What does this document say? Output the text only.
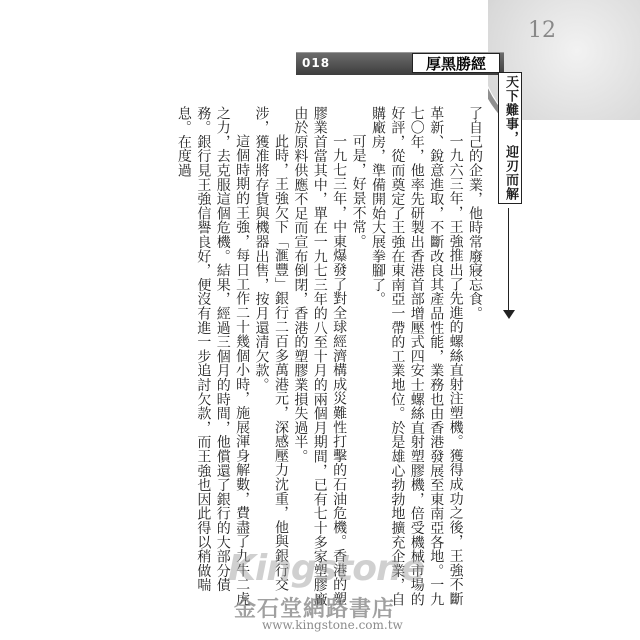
12
018	厚黑勝經
天下難事，迎刃而解

了自己的企業，他時常廢寢忘食。

一九六三年，王強推出了先進的螺絲直射注塑機。獲得成功之後，王強不斷革新、銳意進取，不斷改良其產品性能，業務也由香港發展至東南亞各地。一九七〇年，他率先研製出香港首部增壓式四安士螺絲直射塑膠機，倍受機械市場的好評，從而奠定了王強在東南亞一帶的工業地位。於是雄心勃勃地擴充企業，自購廠房，準備開始大展拳腳了。

可是，好景不常。

一九七三年，中東爆發了對全球經濟構成災難性打擊的石油危機。香港的塑膠業首當其中，單在一九七三年的八至十月的兩個月期間，已有七十多家塑膠廠由於原料供應不足而宣布倒閉，香港的塑膠業損失過半。

此時，王強欠下「滙豐」銀行二百多萬港元，深感壓力沈重，他與銀行交涉，獲准將存貨與機器出售，按月還清欠款。

這個時期的王強，每日工作二十幾個小時，施展渾身解數，費盡了九牛二虎之力，去克服這個危機。結果，經過三個月的時間，他償還了銀行的大部分債務。銀行見王強信譽良好，便沒有進一步追討欠款，而王強也因此得以稍做喘息。在度過

Kingstone
金石堂網路書店
www.kingstone.com.tw
